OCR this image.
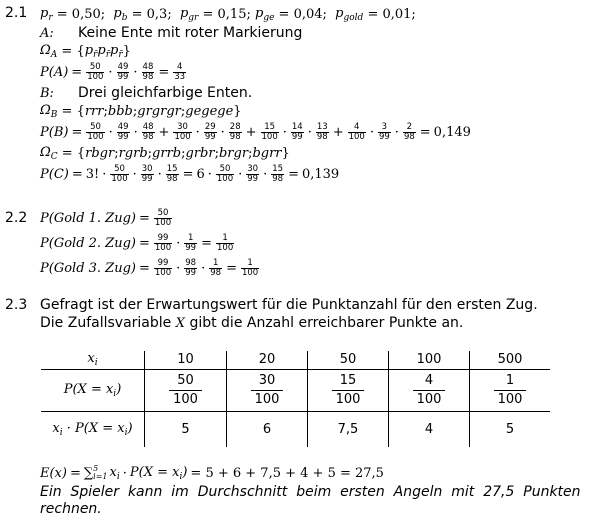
2.1 $p_r = 0,50$; $p_b = 0,3$; $p_{gr} = 0,15$; $p_{ge} = 0,04$; $p_{gold} = 0,01$;
A:	Keine Ente mit roter Markierung
$\Omega_A$ = { $p_{r̄}p_{r̄}p_{r̄}$ }
$P(A) = \frac{50}{100} \cdot \frac{49}{99} \cdot \frac{48}{98} = \frac{4}{33}$
B:	Drei gleichfarbige Enten.
$\Omega_B$ = { rrr ; bbb ; grgrgr ; gegege }
$P(B) = \frac{50}{100} \cdot \frac{49}{99} \cdot \frac{48}{98} + \frac{30}{100} \cdot \frac{29}{99} \cdot \frac{28}{98} + \frac{15}{100} \cdot \frac{14}{99} \cdot \frac{13}{98} + \frac{4}{100} \cdot \frac{3}{99} \cdot \frac{2}{98} = 0,149$
$\Omega_C$ = { rbgr ; rgrb ; grrb ; grbr ; brgr ; bgrr }
P(C) = 3! · $\frac{50}{100} \cdot \frac{30}{99} \cdot \frac{15}{98} = 6 \cdot \frac{50}{100} \cdot \frac{30}{99} \cdot \frac{15}{98} = 0,139$
2.2 P(Gold 1. $Zug) = \frac{50}{100}$
P(Gold 2. $Zug) = \frac{99}{100} \cdot \frac{1}{99} = \frac{1}{100}$
P(Gold 3. $Zug) = \frac{99}{100} \cdot \frac{98}{99} \cdot \frac{1}{98} = \frac{1}{100}$
2.3 Gefragt ist der Erwartungswert für die Punktanzahl für den ersten Zug.
Die Zufallsvariable X gibt die Anzahl erreichbarer Punkte an.
$x_i$	10	20	50	100	500
$P(X = x_i)$	$\frac{50}{100}$	$\frac{30}{100}$	$\frac{15}{100}$	$\frac{4}{100}$	$\frac{1}{100}$

$x_i \cdot P(X = x_i)$	5	6	7,5	4	5
E(x) = ∑ 5
i=1 $x_i \cdot P(X = x_i) = 5 + 6 + 7,5 + 4 + 5 = 27,5$
Ein  Spieler  kann  im  Durchschnitt  beim  ersten  Angeln  mit  27,5  Punkten
rechnen.
